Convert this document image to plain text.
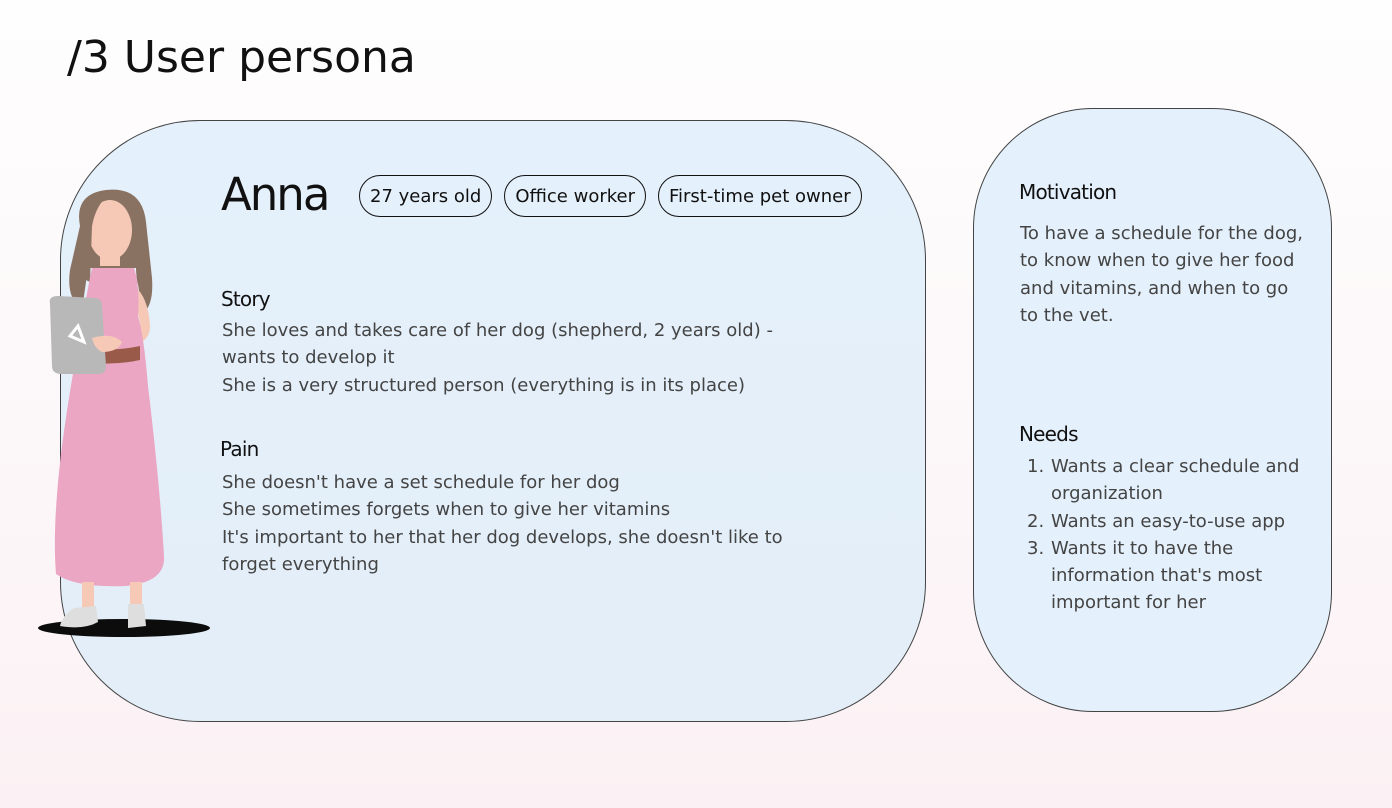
/3 User persona
Anna	27 years old	Office worker	First-time pet owner
Story
She loves and takes care of her dog (shepherd, 2 years old) -
wants to develop it
She is a very structured person (everything is in its place)
Pain
She doesn't have a set schedule for her dog
She sometimes forgets when to give her vitamins
It's important to her that her dog develops, she doesn't like to
forget everything
Motivation

To have a schedule for the dog, to know when to give her food and vitamins, and when to go to the vet.

Needs
1. Wants a clear schedule and organization
2. Wants an easy-to-use app
3. Wants it to have the information that's most important for her
